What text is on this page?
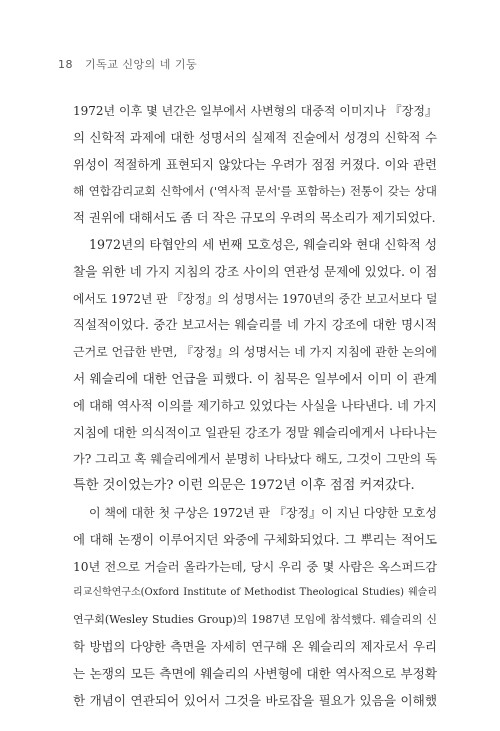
18 기독교 신앙의 네 기둥
1972년 이후 몇 년간은 일부에서 사변형의 대중적 이미지나 『장정』
의 신학적 과제에 대한 성명서의 실제적 진술에서 성경의 신학적 수
위성이 적절하게 표현되지 않았다는 우려가 점점 커졌다. 이와 관련
해 연합감리교회 신학에서 ('역사적 문서'를 포함하는) 전통이 갖는 상대
적 권위에 대해서도 좀 더 작은 규모의 우려의 목소리가 제기되었다.
1972년의 타협안의 세 번째 모호성은, 웨슬리와 현대 신학적 성
찰을 위한 네 가지 지침의 강조 사이의 연관성 문제에 있었다. 이 점
에서도 1972년 판 『장정』의 성명서는 1970년의 중간 보고서보다 덜
직설적이었다. 중간 보고서는 웨슬리를 네 가지 강조에 대한 명시적
근거로 언급한 반면, 『장정』의 성명서는 네 가지 지침에 관한 논의에
서 웨슬리에 대한 언급을 피했다. 이 침묵은 일부에서 이미 이 관계
에 대해 역사적 이의를 제기하고 있었다는 사실을 나타낸다. 네 가지
지침에 대한 의식적이고 일관된 강조가 정말 웨슬리에게서 나타나는
가? 그리고 혹 웨슬리에게서 분명히 나타났다 해도, 그것이 그만의 독
특한 것이었는가? 이런 의문은 1972년 이후 점점 커져갔다.
이 책에 대한 첫 구상은 1972년 판 『장정』이 지닌 다양한 모호성
에 대해 논쟁이 이루어지던 와중에 구체화되었다. 그 뿌리는 적어도
10년 전으로 거슬러 올라가는데, 당시 우리 중 몇 사람은 옥스퍼드감
리교신학연구소(Oxford Institute of Methodist Theological Studies) 웨슬리
연구회(Wesley Studies Group)의 1987년 모임에 참석했다. 웨슬리의 신
학 방법의 다양한 측면을 자세히 연구해 온 웨슬리의 제자로서 우리
는 논쟁의 모든 측면에 웨슬리의 사변형에 대한 역사적으로 부정확
한 개념이 연관되어 있어서 그것을 바로잡을 필요가 있음을 이해했
